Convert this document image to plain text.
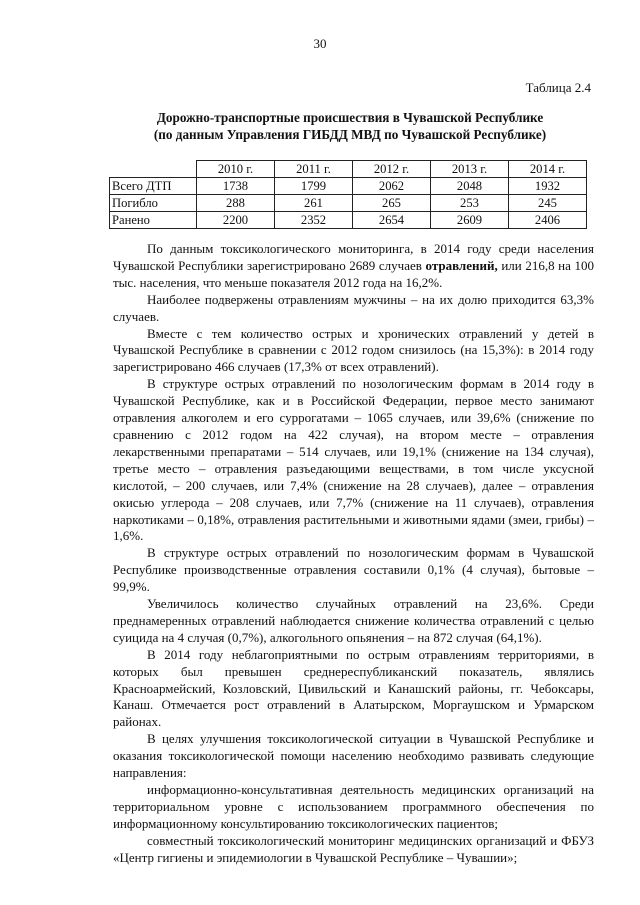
30
Таблица 2.4
Дорожно-транспортные происшествия в Чувашской Республике
(по данным Управления ГИБДД МВД по Чувашской Республике)
	2010 г.	2011 г.	2012 г.	2013 г.	2014 г.
Всего ДТП	1738	1799	2062	2048	1932
Погибло	288	261	265	253	245
Ранено	2200	2352	2654	2609	2406

По данным токсикологического мониторинга, в 2014 году среди населения Чувашской Республики зарегистрировано 2689 случаев отравлений, или 216,8 на 100 тыс. населения, что меньше показателя 2012 года на 16,2%.

Наиболее подвержены отравлениям мужчины – на их долю приходится 63,3% случаев.

Вместе с тем количество острых и хронических отравлений у детей в Чувашской Республике в сравнении с 2012 годом снизилось (на 15,3%): в 2014 году зарегистрировано 466 случаев (17,3% от всех отравлений).

В структуре острых отравлений по нозологическим формам в 2014 году в Чувашской Республике, как и в Российской Федерации, первое место занимают отравления алкоголем и его суррогатами – 1065 случаев, или 39,6% (снижение по сравнению с 2012 годом на 422 случая), на втором месте – отравления лекарственными препаратами – 514 случаев, или 19,1% (снижение на 134 случая), третье место – отравления разъедающими веществами, в том числе уксусной кислотой, – 200 случаев, или 7,4% (снижение на 28 случаев), далее – отравления окисью углерода – 208 случаев, или 7,7% (снижение на 11 случаев), отравления наркотиками – 0,18%, отравления растительными и животными ядами (змеи, грибы) – 1,6%.

В структуре острых отравлений по нозологическим формам в Чувашской Республике производственные отравления составили 0,1% (4 случая), бытовые – 99,9%.

Увеличилось количество случайных отравлений на 23,6%. Среди преднамеренных отравлений наблюдается снижение количества отравлений с целью суицида на 4 случая (0,7%), алкогольного опьянения – на 872 случая (64,1%).

В 2014 году неблагоприятными по острым отравлениям территориями, в которых был превышен среднереспубликанский показатель, являлись Красноармейский, Козловский, Цивильский и Канашский районы, гг. Чебоксары, Канаш. Отмечается рост отравлений в Алатырском, Моргаушском и Урмарском районах.

В целях улучшения токсикологической ситуации в Чувашской Республике и оказания токсикологической помощи населению необходимо развивать следующие направления:

информационно-консультативная деятельность медицинских организаций на территориальном уровне с использованием программного обеспечения по информационному консультированию токсикологических пациентов;

совместный токсикологический мониторинг медицинских организаций и ФБУЗ «Центр гигиены и эпидемиологии в Чувашской Республике – Чувашии»;
